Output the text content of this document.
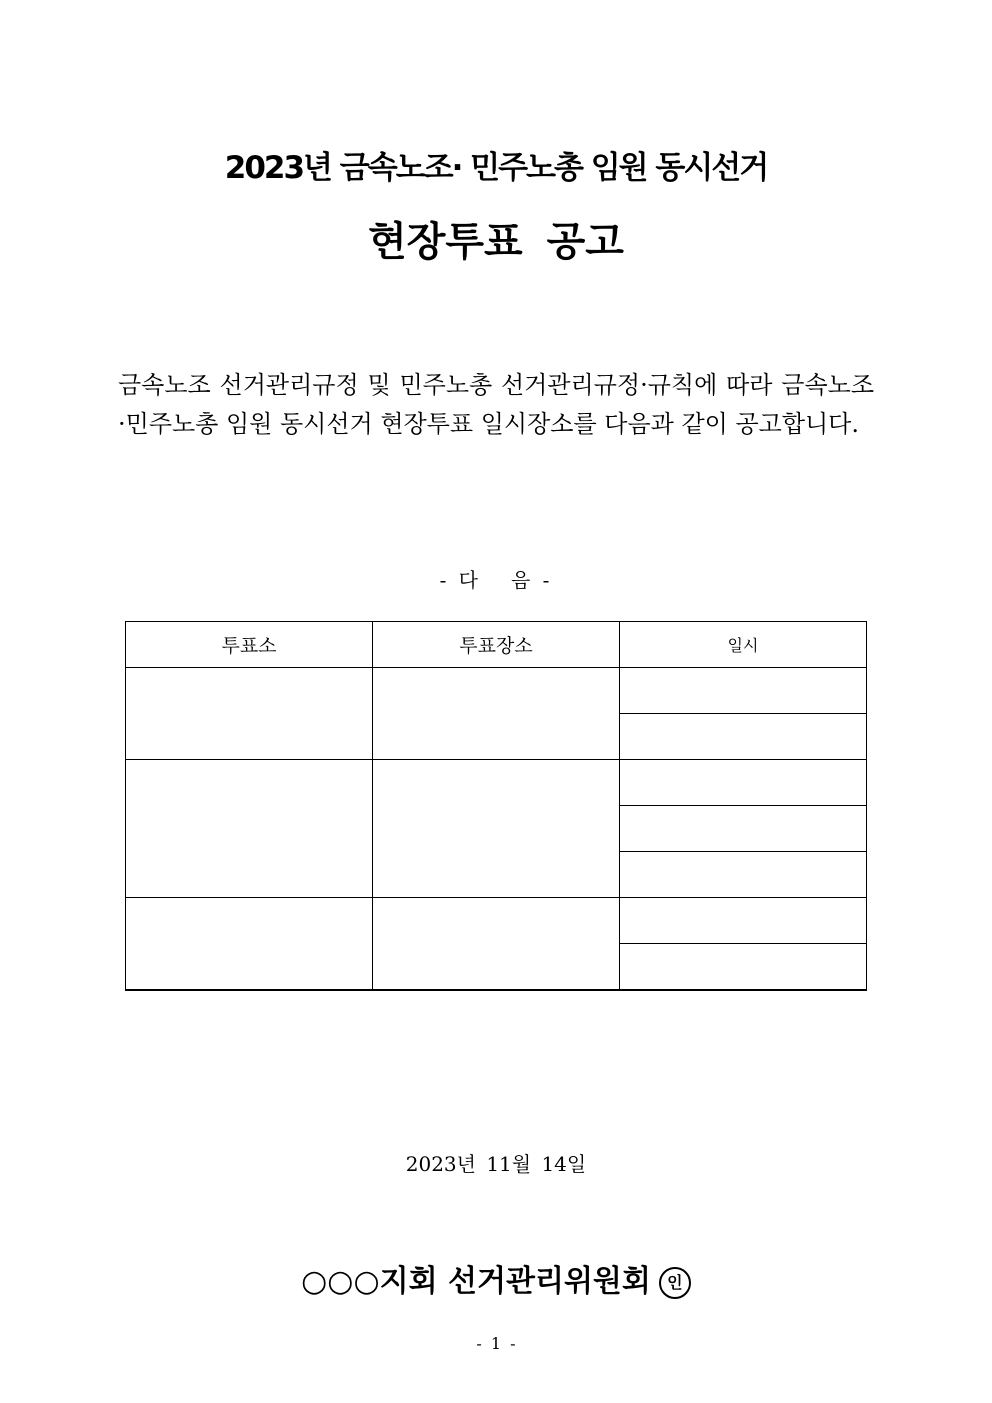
2023년 금속노조· 민주노총 임원 동시선거
현장투표 공고
금속노조 선거관리규정 및 민주노총 선거관리규정·규칙에 따라 금속노조·민주노총 임원 동시선거 현장투표 일시장소를 다음과 같이 공고합니다.
- 다 음 -
투표소	투표장소	일시

2023년 11월 14일
○○○지회 선거관리위원회 인
- 1 -
